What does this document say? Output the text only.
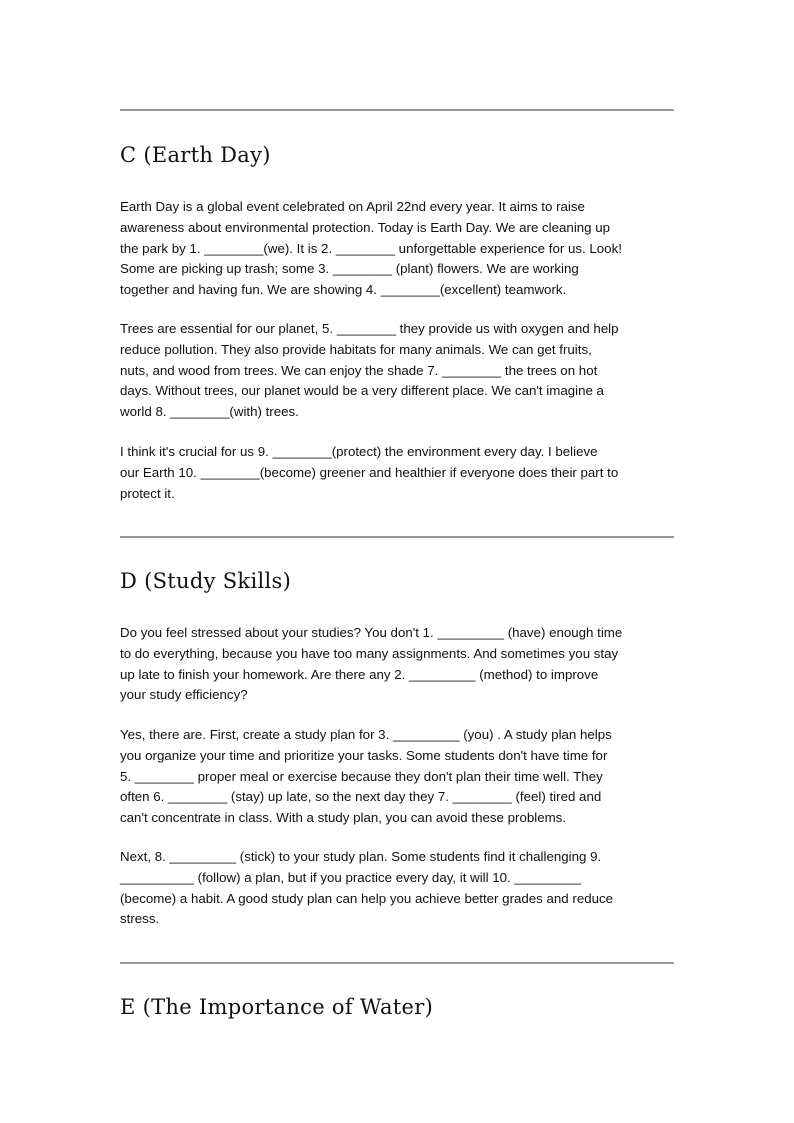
C (Earth Day)

Earth Day is a global event celebrated on April 22nd every year. It aims to raise
awareness about environmental protection. Today is Earth Day. We are cleaning up
the park by 1. ________(we). It is 2. ________ unforgettable experience for us. Look!
Some are picking up trash; some 3. ________ (plant) flowers. We are working
together and having fun. We are showing 4. ________(excellent) teamwork.

Trees are essential for our planet, 5. ________ they provide us with oxygen and help
reduce pollution. They also provide habitats for many animals. We can get fruits,
nuts, and wood from trees. We can enjoy the shade 7. ________ the trees on hot
days. Without trees, our planet would be a very different place. We can't imagine a
world 8. ________(with) trees.

I think it's crucial for us 9. ________(protect) the environment every day. I believe
our Earth 10. ________(become) greener and healthier if everyone does their part to
protect it.

D (Study Skills)

Do you feel stressed about your studies? You don't 1. _________ (have) enough time
to do everything, because you have too many assignments. And sometimes you stay
up late to finish your homework. Are there any 2. _________ (method) to improve
your study efficiency?

Yes, there are. First, create a study plan for 3. _________ (you) . A study plan helps
you organize your time and prioritize your tasks. Some students don't have time for
5. ________ proper meal or exercise because they don't plan their time well. They
often 6. ________ (stay) up late, so the next day they 7. ________ (feel) tired and
can't concentrate in class. With a study plan, you can avoid these problems.

Next, 8. _________ (stick) to your study plan. Some students find it challenging 9.
__________ (follow) a plan, but if you practice every day, it will 10. _________
(become) a habit. A good study plan can help you achieve better grades and reduce
stress.

E (The Importance of Water)
